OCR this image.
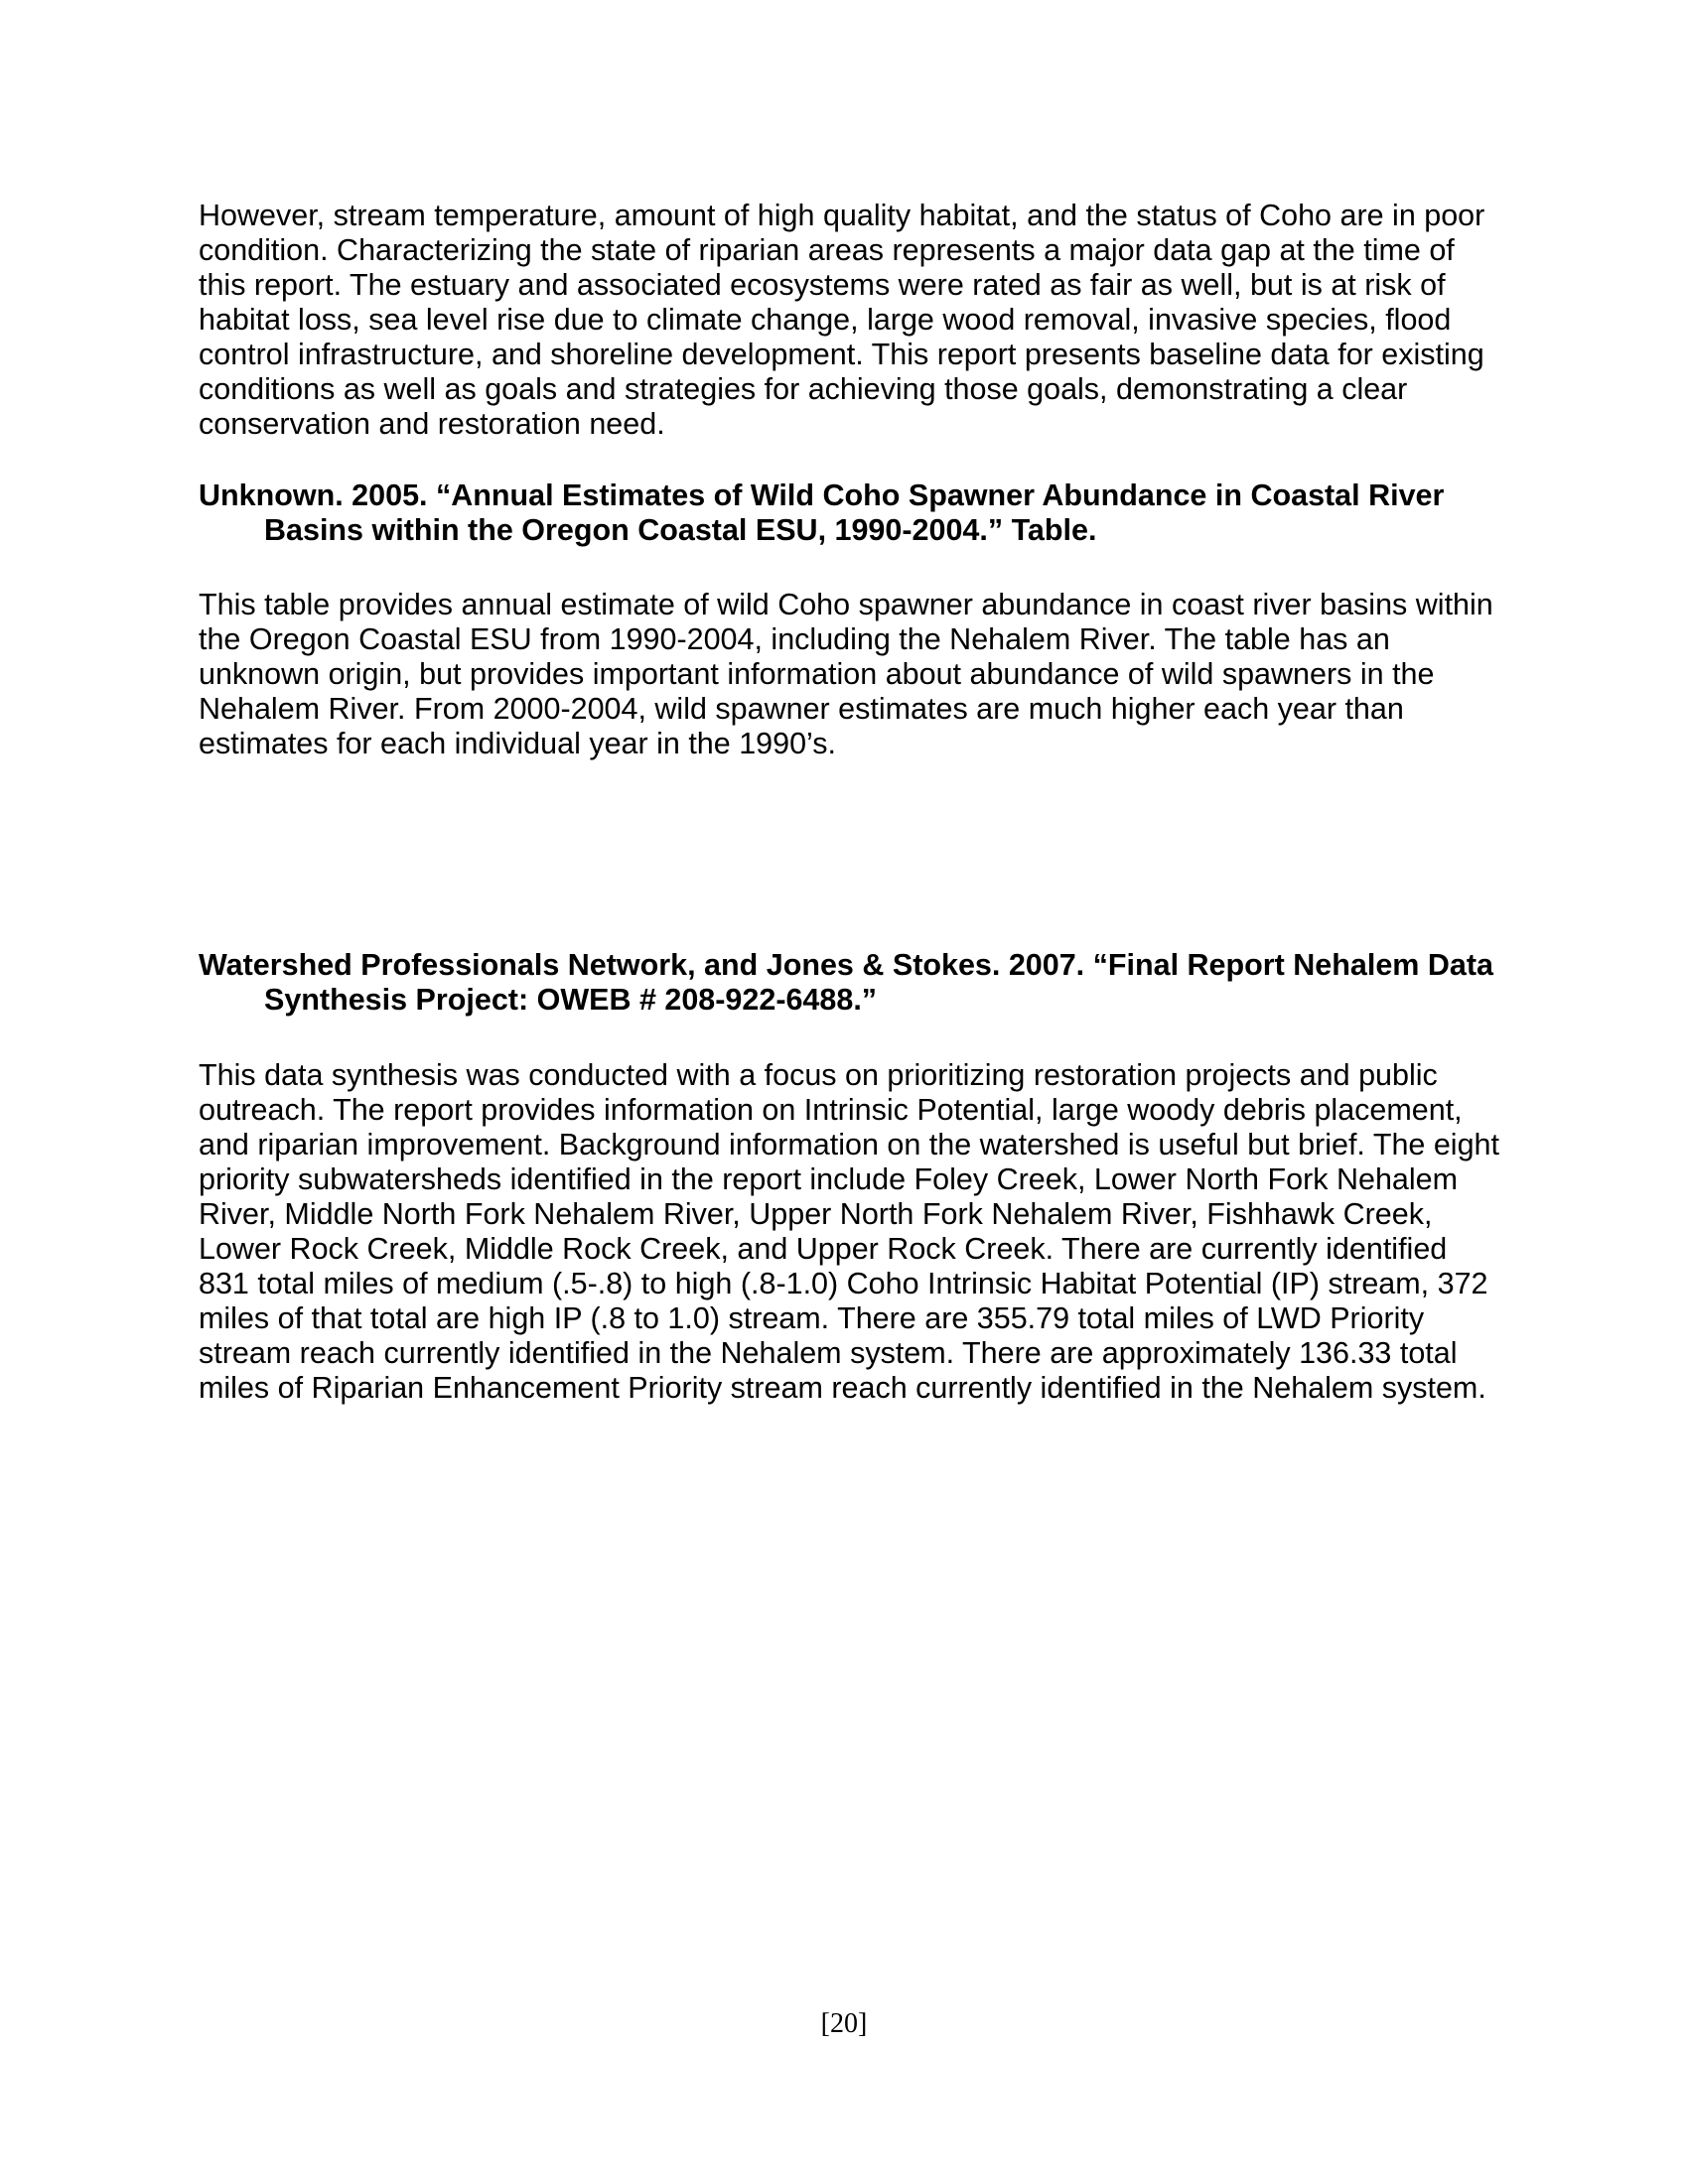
However, stream temperature, amount of high quality habitat, and the status of Coho are in poor condition. Characterizing the state of riparian areas represents a major data gap at the time of this report. The estuary and associated ecosystems were rated as fair as well, but is at risk of habitat loss, sea level rise due to climate change, large wood removal, invasive species, flood control infrastructure, and shoreline development. This report presents baseline data for existing conditions as well as goals and strategies for achieving those goals, demonstrating a clear conservation and restoration need.

Unknown. 2005. “Annual Estimates of Wild Coho Spawner Abundance in Coastal River Basins within the Oregon Coastal ESU, 1990-2004.” Table.

This table provides annual estimate of wild Coho spawner abundance in coast river basins within the Oregon Coastal ESU from 1990-2004, including the Nehalem River. The table has an unknown origin, but provides important information about abundance of wild spawners in the Nehalem River. From 2000-2004, wild spawner estimates are much higher each year than estimates for each individual year in the 1990’s.

Watershed Professionals Network, and Jones & Stokes. 2007. “Final Report Nehalem Data Synthesis Project: OWEB # 208-922-6488.”

This data synthesis was conducted with a focus on prioritizing restoration projects and public outreach. The report provides information on Intrinsic Potential, large woody debris placement, and riparian improvement. Background information on the watershed is useful but brief. The eight priority subwatersheds identified in the report include Foley Creek, Lower North Fork Nehalem River, Middle North Fork Nehalem River, Upper North Fork Nehalem River, Fishhawk Creek, Lower Rock Creek, Middle Rock Creek, and Upper Rock Creek. There are currently identified 831 total miles of medium (.5-.8) to high (.8-1.0) Coho Intrinsic Habitat Potential (IP) stream, 372 miles of that total are high IP (.8 to 1.0) stream. There are 355.79 total miles of LWD Priority stream reach currently identified in the Nehalem system. There are approximately 136.33 total miles of Riparian Enhancement Priority stream reach currently identified in the Nehalem system.

[20]
